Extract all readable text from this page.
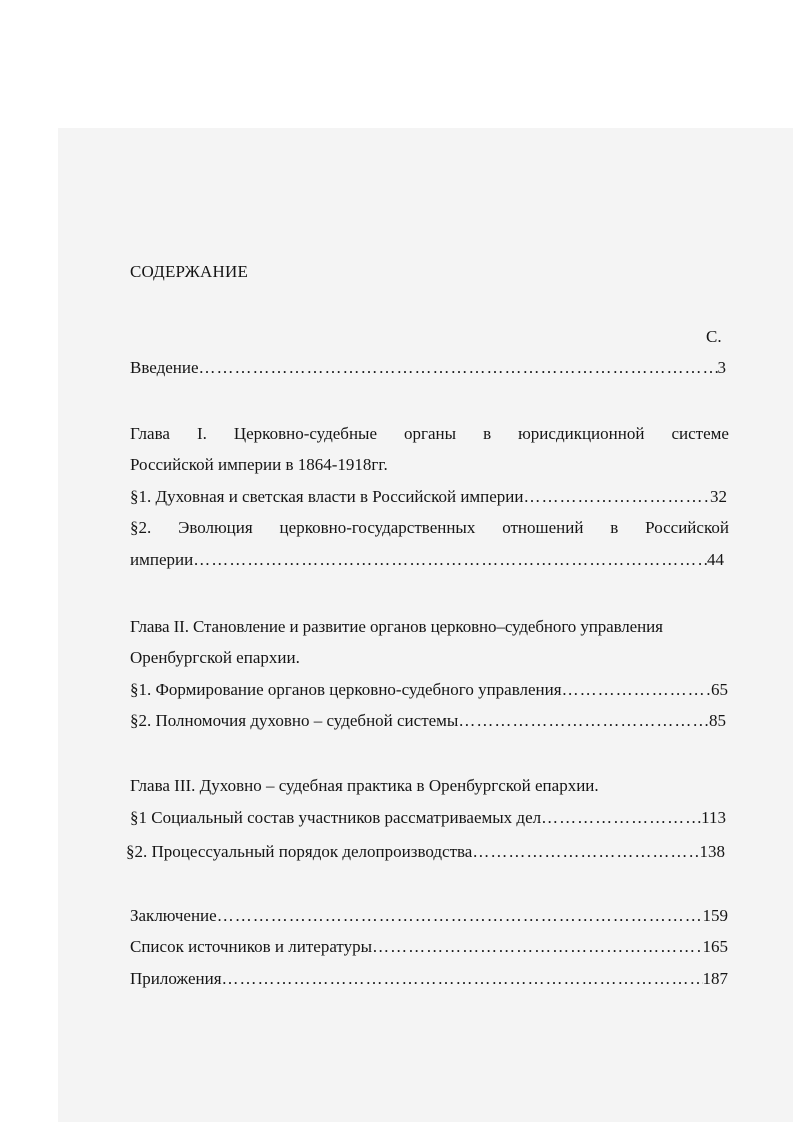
СОДЕРЖАНИЕ
С.
Введение …………………………………………………………………………………………………………………………	3
Глава I. Церковно-судебные органы в юрисдикционной системе
Российской империи в 1864-1918гг.
§1. Духовная и светская власти в Российской империи …………………………………………………………………………………………………………………………	32
§2. Эволюция церковно-государственных отношений в Российской
империи …………………………………………………………………………………………………………………………	44
Глава II. Становление и развитие органов церковно–судебного управления
Оренбургской епархии.
§1. Формирование органов церковно-судебного управления …………………………………………………………………………………………………………………………	65
§2. Полномочия духовно – судебной системы …………………………………………………………………………………………………………………………	85
Глава III. Духовно – судебная практика в Оренбургской епархии.
§1 Социальный состав участников рассматриваемых дел …………………………………………………………………………………………………………………………	113
§2. Процессуальный порядок делопроизводства …………………………………………………………………………………………………………………………	138
Заключение …………………………………………………………………………………………………………………………	159
Список источников и литературы …………………………………………………………………………………………………………………………	165
Приложения …………………………………………………………………………………………………………………………	187
